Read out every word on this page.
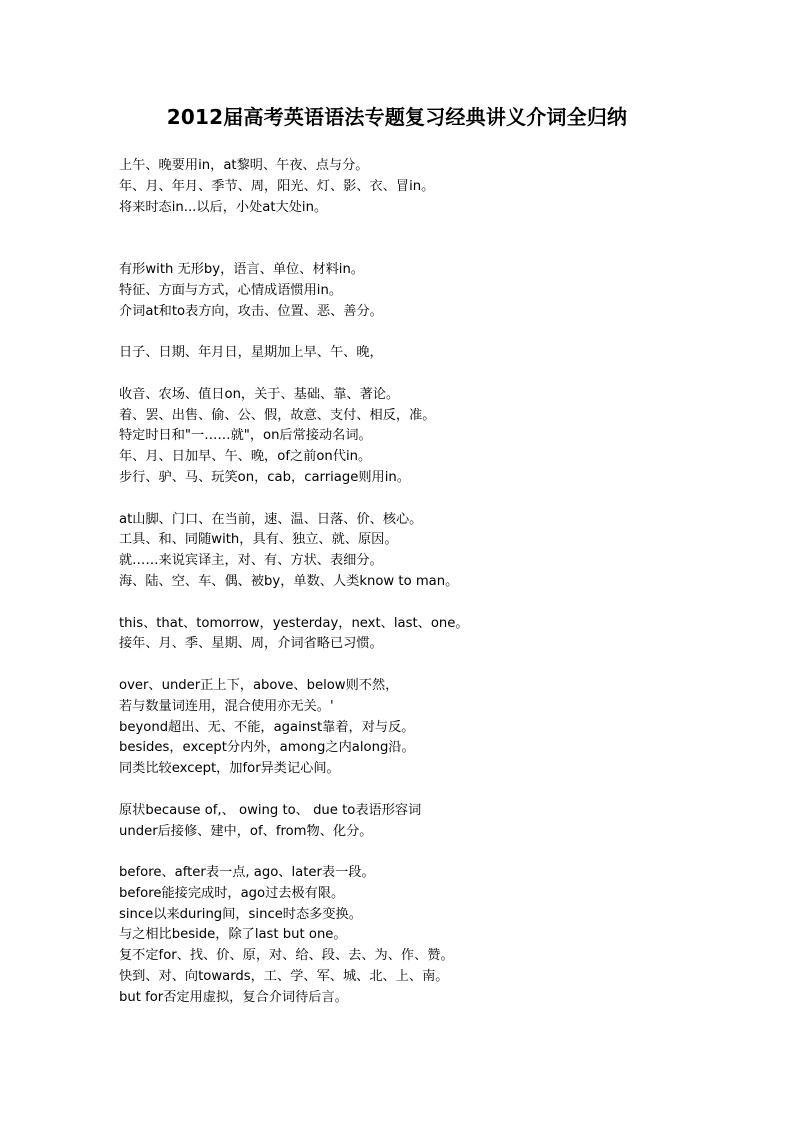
2012届高考英语语法专题复习经典讲义介词全归纳
上午、晚要用in，at黎明、午夜、点与分。
年、月、年月、季节、周，阳光、灯、影、衣、冒in。
将来时态in...以后，小处at大处in。
有形with 无形by，语言、单位、材料in。
特征、方面与方式，心情成语惯用in。
介词at和to表方向，攻击、位置、恶、善分。
日子、日期、年月日，星期加上早、午、晚，
收音、农场、值日on，关于、基础、靠、著论。
着、罢、出售、偷、公、假，故意、支付、相反，准。
特定时日和"一……就"，on后常接动名词。
年、月、日加早、午、晚，of之前on代in。
步行、驴、马、玩笑on，cab，carriage则用in。
at山脚、门口、在当前，速、温、日落、价、核心。
工具、和、同随with，具有、独立、就、原因。
就……来说宾译主，对、有、方状、表细分。
海、陆、空、车、偶、被by，单数、人类know to man。
this、that、tomorrow，yesterday，next、last、one。
接年、月、季、星期、周，介词省略已习惯。
over、under正上下，above、below则不然，
若与数量词连用，混合使用亦无关。'
beyond超出、无、不能，against靠着，对与反。
besides，except分内外，among之内along沿。
同类比较except，加for异类记心间。
原状because of,、 owing to、 due to表语形容词
under后接修、建中，of、from物、化分。
before、after表一点, ago、later表一段。
before能接完成时，ago过去极有限。
since以来during间，since时态多变换。
与之相比beside，除了last but one。
复不定for、找、价、原，对、给、段、去、为、作、赞。
快到、对、向towards，工、学、军、城、北、上、南。
but for否定用虚拟，复合介词待后言。
